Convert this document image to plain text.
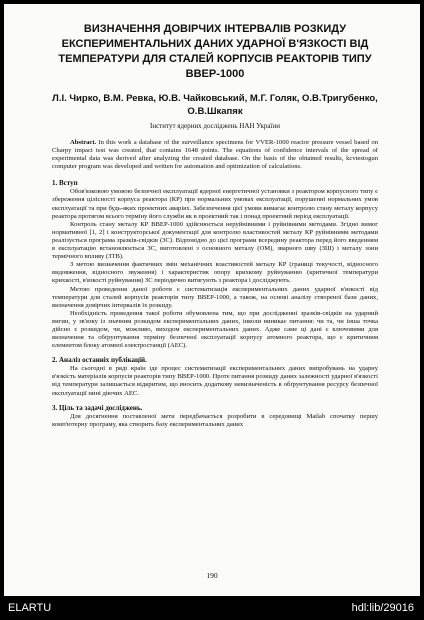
ВИЗНАЧЕННЯ ДОВІРЧИХ ІНТЕРВАЛІВ РОЗКИДУ ЕКСПЕРИМЕНТАЛЬНИХ ДАНИХ УДАРНОЇ В'ЯЗКОСТІ ВІД ТЕМПЕРАТУРИ ДЛЯ СТАЛЕЙ КОРПУСІВ РЕАКТОРІВ ТИПУ ВВЕР-1000
Л.І. Чирко, В.М. Ревка, Ю.В. Чайковський, М.Г. Голяк, О.В.Тригубенко, О.В.Шкапяк
Інститут ядерних досліджень НАН України

Abstract. In this work a database of the surveillance specimens for VVER-1000 reactor pressure vessel based on Charpy impact test was created, that contains 1648 points. The equations of confidence intervals of the spread of experimental data was derived after analyzing the created database. On the basis of the obtained results, kcvtestogun computer program was developed and written for automation and optimization of calculations.

1. Вступ

Обов'язковою умовою безпечної експлуатації ядерної енергетичної установки з реактором корпусного типу є збереження цілісності корпуса реактора (КР) при нормальних умовах експлуатації, порушенні нормальних умов експлуатації та при будь-яких проектних аваріях. Забезпечення цієї умови вимагає контролю стану металу корпусу реактора протягом всього терміну його служби як в проектний так і понад проектний період експлуатації.

Контроль стану металу КР ВВЕР-1000 здійснюється неруйнівними і руйнівними методами. Згідно вимог нормативної [1, 2] і конструкторської документації для контролю властивостей металу КР руйнівними методами реалізується програма зразків-свідків (ЗС). Відповідно до цієї програми всередину реактора перед його введенням в експлуатацію встановлюється ЗС, виготовлені з основного металу (ОМ), зварного шву (ЗШ) і металу зони термічного впливу (ЗТВ).

З метою визначення фактичних змін механічних властивостей металу КР (границі текучості, відносного видовження, відносного звуження) і характеристик опору крихкому руйнуванню (критичної температури крихкості, в'язкості руйнування) ЗС періодично витягують з реактора і досліджують.

Метою проведення даної роботи є систематизація експериментальних даних ударної в'язкості від температури для сталей корпусів реакторів типу ВВЕР-1000, а також, на основі аналізу створеної бази даних, визначення довірчих інтервалів їх розкиду.

Необхідність проведення такої роботи обумовлена тим, що при дослідженні зразків-свідків на ударний вигин, у зв'язку із значним розкидом експериментальних даних, інколи виникає питання: чи та, чи інша точка дійсно є розкидом, чи, можливо, виходом експериментальних даних. Адже саме ці дані є ключовими для визначення та обґрунтування терміну безпечної експлуатації корпусу атомного реактора, що є критичним елементом блоку атомної електростанції (АЕС).

2. Аналіз останніх публікацій.

На сьогодні в ряді країн іде процес систематизації експериментальних даних випробувань на ударну в'язкість матеріалів корпусів реакторів типу ВВЕР-1000. Проте питання розкиду даних залежності ударної в'язкості від температури залишається відкритим, що вносить додаткову невизначеність в обґрунтування ресурсу безпечної експлуатації нині діючих АЕС.

3. Ціль та задачі досліджень.

Для досягнення поставленої мети передбачається розробити в середовищі Matlab спочатку першу комп'ютерну програму, яка створить базу експериментальних даних

190
ELARTU	hdl:lib/29016
